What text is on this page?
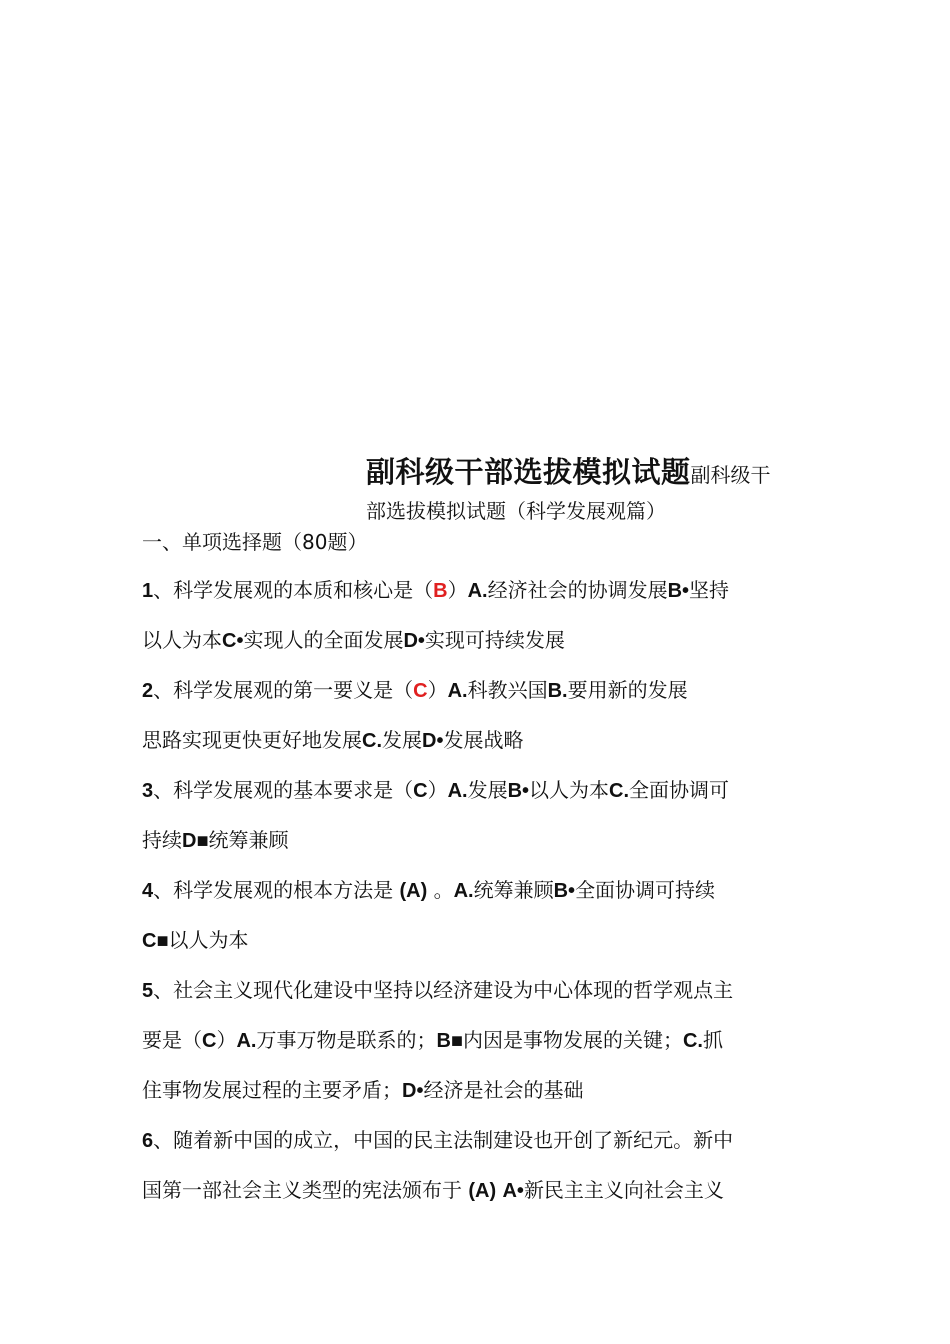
副科级干部选拔模拟试题副科级干
部选拔模拟试题（科学发展观篇）
一、单项选择题（80题）
1、科学发展观的本质和核心是（B）A.经济社会的协调发展B•坚持
以人为本C•实现人的全面发展D•实现可持续发展
2、科学发展观的第一要义是（C）A.科教兴国B.要用新的发展
思路实现更快更好地发展C.发展D•发展战略
3、科学发展观的基本要求是（C）A.发展B•以人为本C.全面协调可
持续D■统筹兼顾
4、科学发展观的根本方法是 (A) 。A.统筹兼顾B•全面协调可持续
C■以人为本
5、社会主义现代化建设中坚持以经济建设为中心体现的哲学观点主
要是（C）A.万事万物是联系的；B■内因是事物发展的关键；C.抓
住事物发展过程的主要矛盾；D•经济是社会的基础
6、随着新中国的成立，中国的民主法制建设也开创了新纪元。新中
国第一部社会主义类型的宪法颁布于 (A) A•新民主主义向社会主义
